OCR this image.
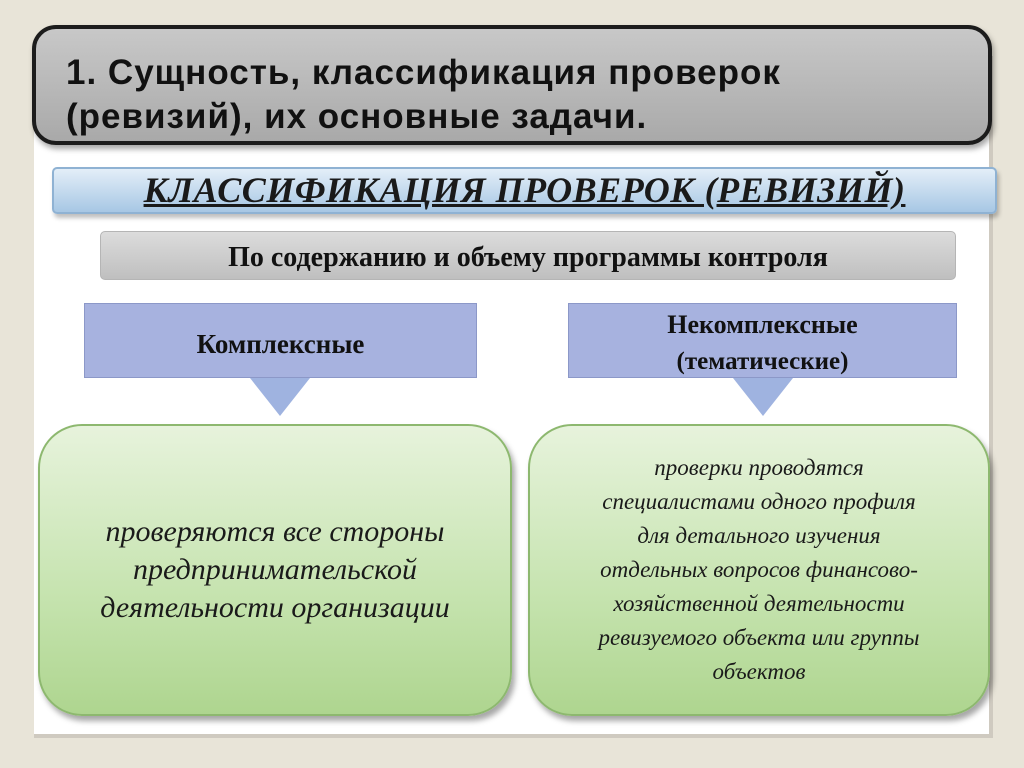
1. Сущность, классификация проверок
(ревизий), их основные задачи.
КЛАССИФИКАЦИЯ ПРОВЕРОК (РЕВИЗИЙ)
По содержанию и объему программы контроля
Комплексные
Некомплексные
(тематические)
проверяются все стороны
предпринимательской
деятельности организации
проверки проводятся
специалистами одного профиля
для детального изучения
отдельных вопросов финансово-
хозяйственной деятельности
ревизуемого объекта или группы
объектов
